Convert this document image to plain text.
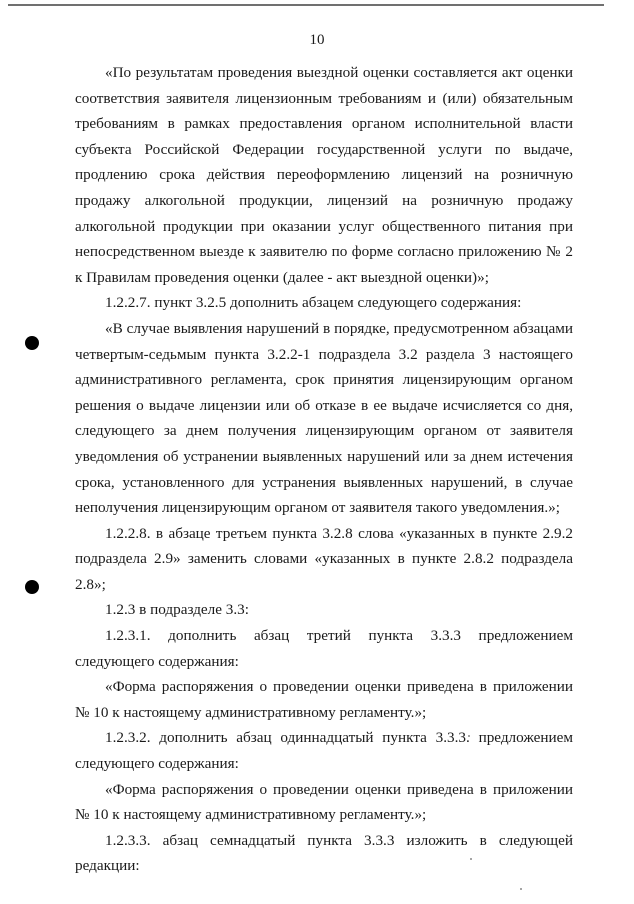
10

«По результатам проведения выездной оценки составляется акт оценки соответствия заявителя лицензионным требованиям и (или) обязательным требованиям в рамках предоставления органом исполнительной власти субъекта Российской Федерации государственной услуги по выдаче, продлению срока действия переоформлению лицензий на розничную продажу алкогольной продукции, лицензий на розничную продажу алкогольной продукции при оказании услуг общественного питания при непосредственном выезде к заявителю по форме согласно приложению № 2 к Правилам проведения оценки (далее - акт выездной оценки)»;

1.2.2.7. пункт 3.2.5 дополнить абзацем следующего содержания:

«В случае выявления нарушений в порядке, предусмотренном абзацами четвертым-седьмым пункта 3.2.2-1 подраздела 3.2 раздела 3 настоящего административного регламента, срок принятия лицензирующим органом решения о выдаче лицензии или об отказе в ее выдаче исчисляется со дня, следующего за днем получения лицензирующим органом от заявителя уведомления об устранении выявленных нарушений или за днем истечения срока, установленного для устранения выявленных нарушений, в случае неполучения лицензирующим органом от заявителя такого уведомления.»;

1.2.2.8. в абзаце третьем пункта 3.2.8 слова «указанных в пункте 2.9.2 подраздела 2.9» заменить словами «указанных в пункте 2.8.2 подраздела 2.8»;

1.2.3 в подразделе 3.3:

1.2.3.1. дополнить абзац третий пункта 3.3.3 предложением следующего содержания:

«Форма распоряжения о проведении оценки приведена в приложении № 10 к настоящему административному регламенту.»;

1.2.3.2. дополнить абзац одиннадцатый пункта 3.3.3. предложением следующего содержания:

«Форма распоряжения о проведении оценки приведена в приложении № 10 к настоящему административному регламенту.»;

1.2.3.3. абзац семнадцатый пункта 3.3.3 изложить в следующей редакции:
